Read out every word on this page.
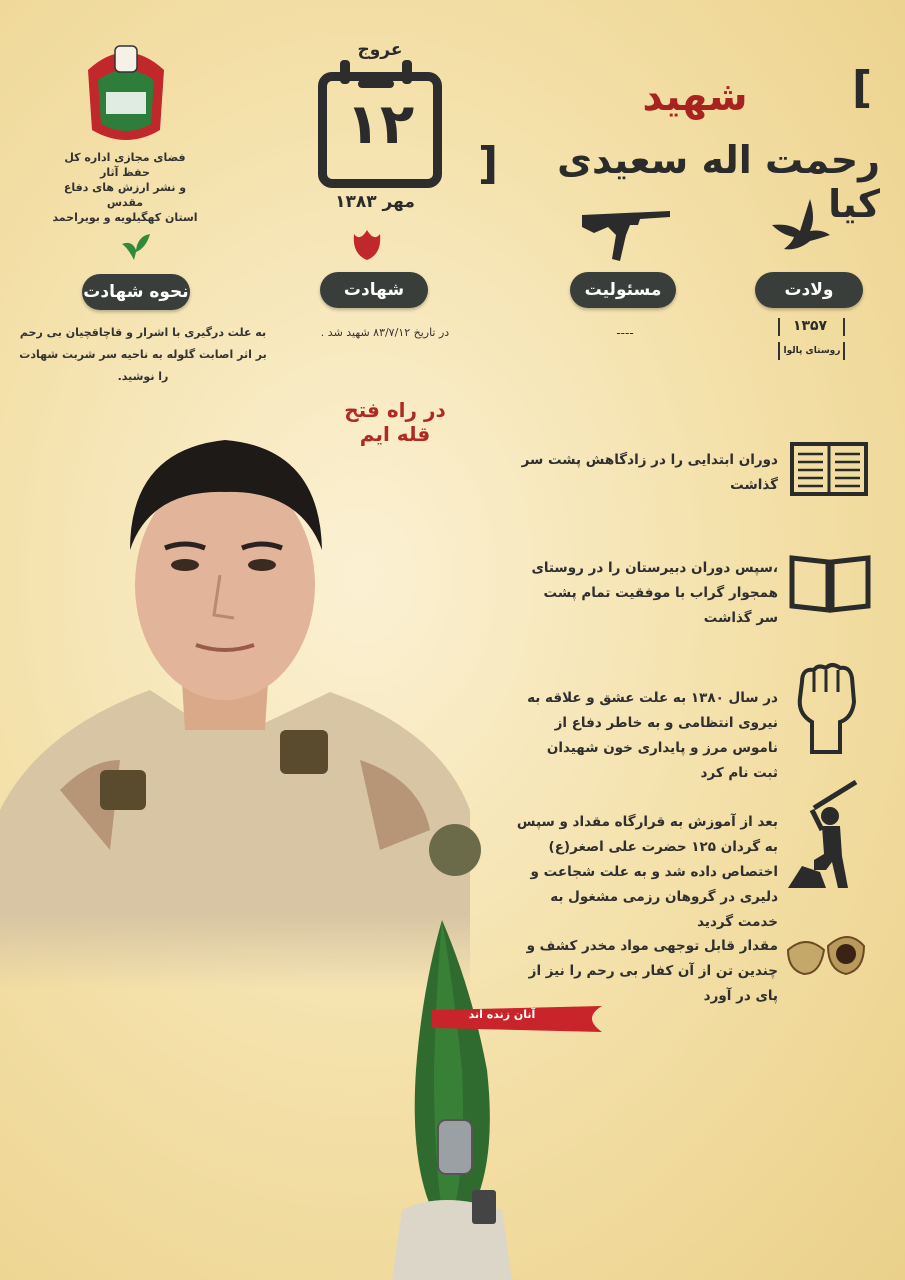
فضای مجازی اداره کل حفظ آثار
و نشر ارزش های دفاع مقدس
استان کهگیلویه و بویراحمد
عروج
۱۲
مهر ۱۳۸۳
[
شهید
رحمت اله سعیدی کیا
]
ولادت
مسئولیت
شهادت
نحوه شهادت
۱۳۵۷
روستای پالوا
----
در تاریخ ۸۳/۷/۱۲ شهید شد .
به علت درگیری با اشرار و قاچاقچیان بی رحم بر اثر اصابت گلوله به ناحیه سر شربت شهادت را نوشید.
در راه فتح قله ایم
دوران ابتدایی را در زادگاهش پشت سر گذاشت
،سپس دوران دبیرستان را در روستای همجوار گراب با موفقیت تمام پشت سر گذاشت
در سال ۱۳۸۰ به علت عشق و علاقه به نیروی انتظامی و به خاطر دفاع از ناموس مرز و پایداری خون شهیدان ثبت نام کرد
بعد از آموزش به قرارگاه مقداد و سپس به گردان ۱۲۵ حضرت علی اصغر(ع) اختصاص داده شد و به علت شجاعت و دلیری در گروهان رزمی مشغول به خدمت گردید
مقدار قابل توجهی مواد مخدر کشف و چندین تن از آن کفار بی رحم را نیز از پای در آورد
آنان زنده اند
